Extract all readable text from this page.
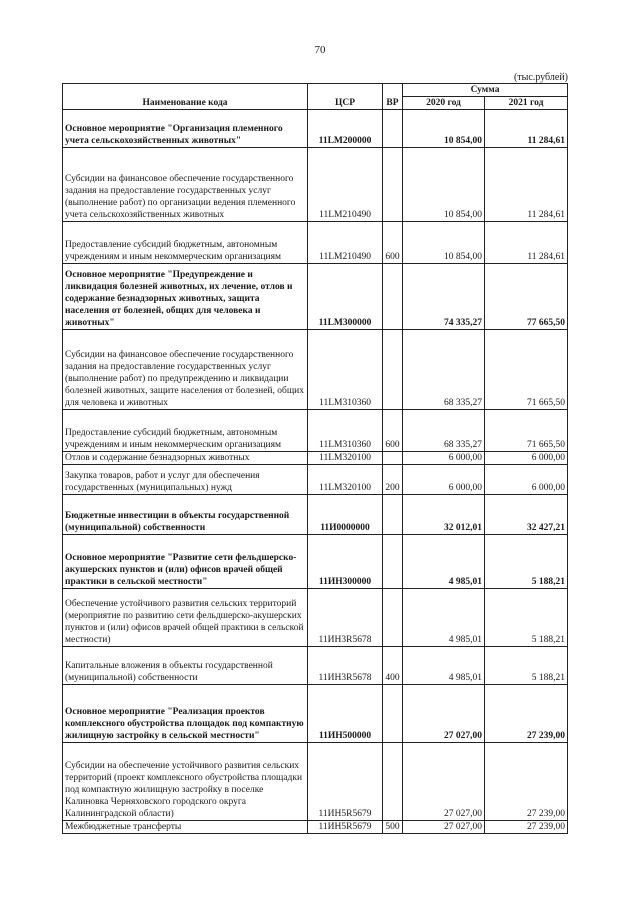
70
(тыс.рублей)
Наименование кода	ЦСР	ВР	Сумма	
			2020 год	2021 год
Основное мероприятие "Организация племенного учета сельскохозяйственных животных"	11LM200000		10 854,00	11 284,61
Субсидии на финансовое обеспечение государственного задания на предоставление государственных услуг (выполнение работ) по организации ведения племенного учета сельскохозяйственных животных	11LM210490		10 854,00	11 284,61
Предоставление субсидий бюджетным, автономным учреждениям и иным некоммерческим организациям	11LM210490	600	10 854,00	11 284,61
Основное мероприятие "Предупреждение и ликвидация болезней животных, их лечение, отлов и содержание безнадзорных животных, защита населения от болезней, общих для человека и животных"	11LM300000		74 335,27	77 665,50
Субсидии на финансовое обеспечение государственного задания на предоставление государственных услуг (выполнение работ) по предупреждению и ликвидации болезней животных, защите населения от болезней, общих для человека и животных	11LM310360		68 335,27	71 665,50
Предоставление субсидий бюджетным, автономным учреждениям и иным некоммерческим организациям	11LM310360	600	68 335,27	71 665,50
Отлов и содержание безнадзорных животных	11LM320100		6 000,00	6 000,00
Закупка товаров, работ и услуг для обеспечения государственных (муниципальных) нужд	11LM320100	200	6 000,00	6 000,00
Бюджетные инвестиции в объекты государственной (муниципальной) собственности	11И0000000		32 012,01	32 427,21
Основное мероприятие "Развитие сети фельдшерско-акушерских пунктов и (или) офисов врачей общей практики в сельской местности"	11ИН300000		4 985,01	5 188,21
Обеспечение устойчивого развития сельских территорий (мероприятие по развитию сети фельдшерско-акушерских пунктов и (или) офисов врачей общей практики в сельской местности)	11ИН3R5678		4 985,01	5 188,21
Капитальные вложения в объекты государственной (муниципальной) собственности	11ИН3R5678	400	4 985,01	5 188,21
Основное мероприятие "Реализация проектов комплексного обустройства площадок под компактную жилищную застройку в сельской местности"	11ИН500000		27 027,00	27 239,00
Субсидии на обеспечение устойчивого развития сельских территорий (проект комплексного обустройства площадки под компактную жилищную застройку в поселке Калиновка Черняховского городского округа Калининградской области)	11ИН5R5679		27 027,00	27 239,00
Межбюджетные трансферты	11ИН5R5679	500	27 027,00	27 239,00
